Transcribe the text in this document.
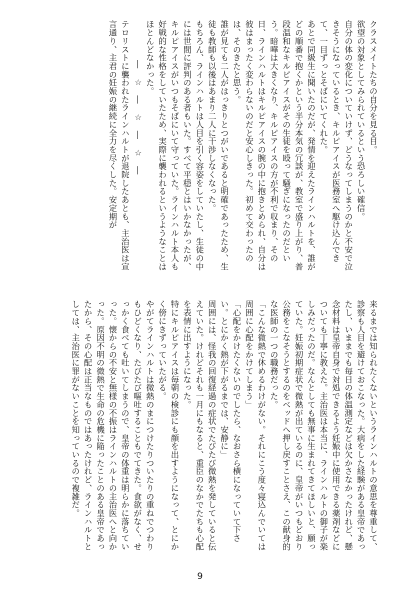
クラスメイトたちの自分を見る目。

欲望の対象としてみられているという恐ろしい確信。

自分の体の変化についていけず、どうなってしまうのかと不安で泣きそうになっているとき、キルピアイスが医務室へ駆け込んできて、一目ずっとそばにいてくれた。

あとで同級生に聞いたのだが、発情を迎えたラインハルトを、誰がどの順番で抱くかという半分本気の冗談が、教室で盛り上がり、普段温和なキルピアイスがその生徒を殴って騒ぎになったのだという。暗嘩は大きくなり、キルピアイスの方が不利で収まり、その日、ラインハルトはキルピアイスの腕の中に抱きとめられ、自分は彼はまったく変わらないのだと安心しきった。初めて交わったのは、そのきたと思う。

誰が見ても二人がはっきりとつがいであると明確であったため、生徒も教師も以後はあまり二人に干渉しなくなった。

もちろん、ラインハルトは人目を引く容姿をしていたし、生徒の中には世間に評判のある者もいた。すべて平穏とはいかなかったが、キルピアイスがいつもそばにいて守っていた。ラインハルト本人も好戦的な性格をしていたため、実際に襲われるというようなことはほとんどなかった。

― ☆ ― ☆ ― ☆ ―

テロリストに襲われたラインハルトが退院したあとも、主治医は宣言通り、主君の妊娠の継続に全力を尽くした。安定期が

来るまでは知られたくないというラインハルトの意思を尊重して、診察も人目を避けておこなった。大病をした経験がある皇帝であったし、いままでも毎日の体温測定などは欠かさなかったけれど、懸念材料は皇帝自身で対処できるよう妊娠中に使用できる薬剤などについても丁寧に教えた。主治医は本当に、ラインハルトの御子が楽しみだったのだ。なんとしても無事に生まれてきてほしいと、願っていた。妊娠初期症状で微熱が出ているのに、皇帝がいつもどおり公務をこなそうとするのをベッドへ押し戻すことさえ、この献身的な医師の一つの職務だった。

「こんな微熱で休めるわけがない。それにこう度々寝込んでいては周囲に心配をかけてしまう」

「心配をかけたくないのでしたら、なおさら横になっていて下さい。とにかく熱が下がるまでは、安静に」

周囲には、怪我の回復経過の症状でたびたび微熱を発していると伝えていた。けれどそれも一月にもなると、重臣のなかでたちも心配を表情に出すようになった。

特にキルピアイスは毎朝の検診にも顔を出すようになって、とにかく傍にきずっていたがる。

やがてラインハルトは微熱のまにつけたりついたりの重ねでつわりもひどくなり、たびたび嘔吐することもでてきた。食欲がなく、せっかく食べても吐いてしまうので、皇帝の体重は明らかに落ちていった。懐からの不安と無様の不振はラインハルトの主治医へと向かった。原因不明の微熱で生命の危機に陥ったことのある皇帝であったから、その心配は正当なものではあったけれど、ラインハルトとしては、主治医に罪がないことを知っているので複雑だ。

9
